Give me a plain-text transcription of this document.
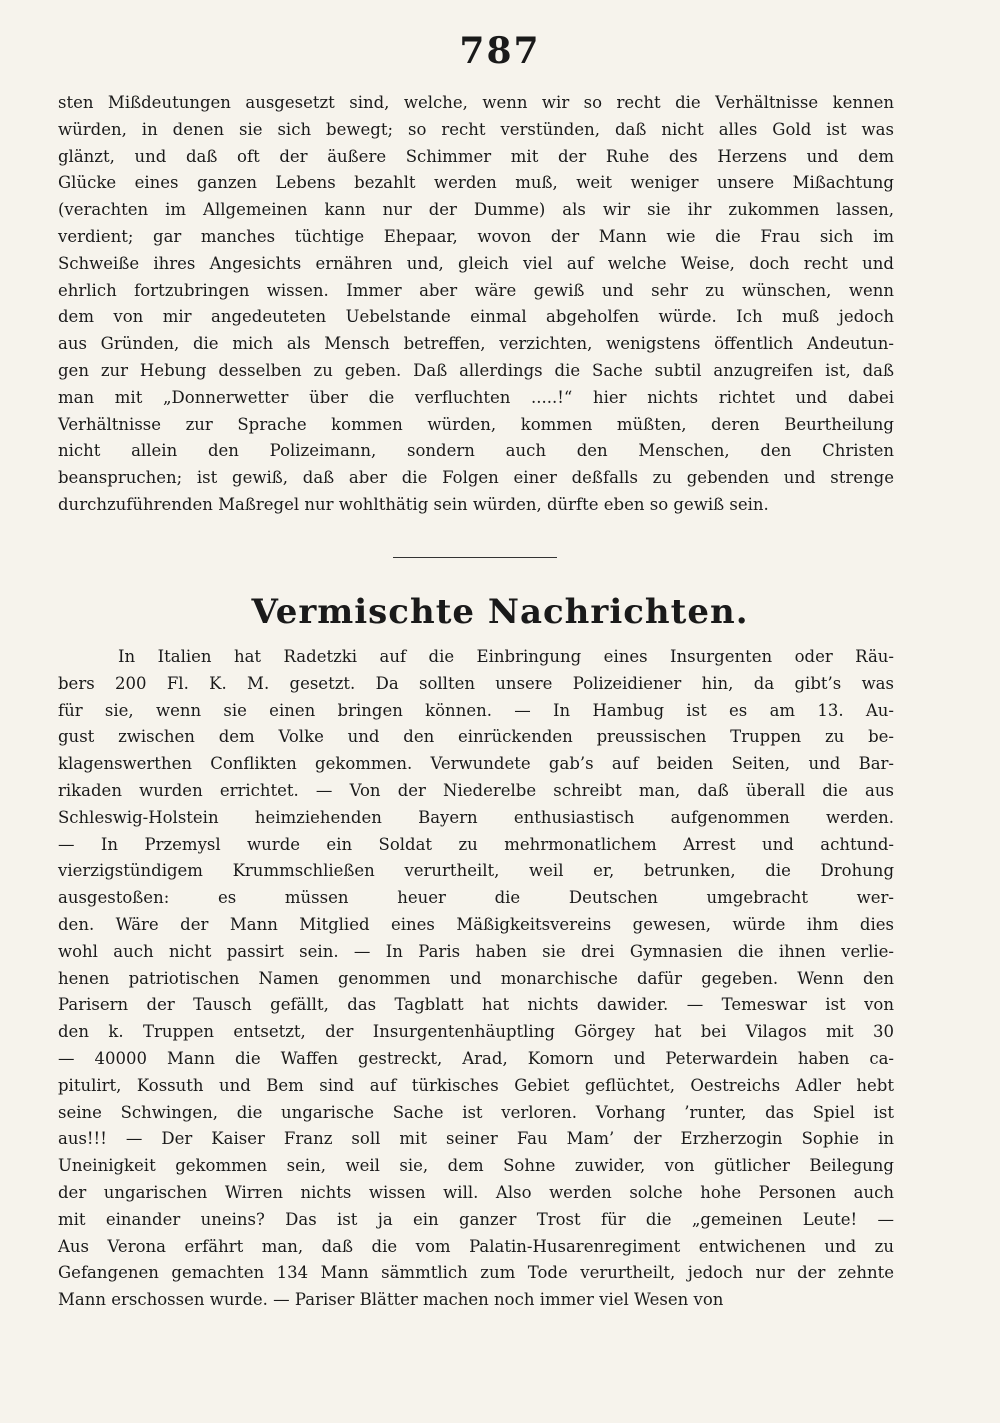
787
sten Mißdeutungen ausgesetzt sind, welche, wenn wir so recht die Verhältnisse kennen
würden, in denen sie sich bewegt; so recht verstünden, daß nicht alles Gold ist was
glänzt, und daß oft der äußere Schimmer mit der Ruhe des Herzens und dem
Glücke eines ganzen Lebens bezahlt werden muß, weit weniger unsere Mißachtung
(verachten im Allgemeinen kann nur der Dumme) als wir sie ihr zukommen lassen,
verdient; gar manches tüchtige Ehepaar, wovon der Mann wie die Frau sich im
Schweiße ihres Angesichts ernähren und, gleich viel auf welche Weise, doch recht und
ehrlich fortzubringen wissen. Immer aber wäre gewiß und sehr zu wünschen, wenn
dem von mir angedeuteten Uebelstande einmal abgeholfen würde. Ich muß jedoch
aus Gründen, die mich als Mensch betreffen, verzichten, wenigstens öffentlich Andeutun-
gen zur Hebung desselben zu geben. Daß allerdings die Sache subtil anzugreifen ist, daß
man mit „Donnerwetter über die verfluchten .....!“ hier nichts richtet und dabei
Verhältnisse zur Sprache kommen würden, kommen müßten, deren Beurtheilung
nicht allein den Polizeimann, sondern auch den Menschen, den Christen
beanspruchen; ist gewiß, daß aber die Folgen einer deßfalls zu gebenden und strenge
durchzuführenden Maßregel nur wohlthätig sein würden, dürfte eben so gewiß sein.
Vermischte Nachrichten.
In Italien hat Radetzki auf die Einbringung eines Insurgenten oder Räu-
bers 200 Fl. K. M. gesetzt. Da sollten unsere Polizeidiener hin, da gibt’s was
für sie, wenn sie einen bringen können. — In Hambug ist es am 13. Au-
gust zwischen dem Volke und den einrückenden preussischen Truppen zu be-
klagenswerthen Conflikten gekommen. Verwundete gab’s auf beiden Seiten, und Bar-
rikaden wurden errichtet. — Von der Niederelbe schreibt man, daß überall die aus
Schleswig-Holstein heimziehenden Bayern enthusiastisch aufgenommen werden.
— In Przemysl wurde ein Soldat zu mehrmonatlichem Arrest und achtund-
vierzigstündigem Krummschließen verurtheilt, weil er, betrunken, die Drohung
ausgestoßen: es müssen heuer die Deutschen umgebracht wer-
den. Wäre der Mann Mitglied eines Mäßigkeitsvereins gewesen, würde ihm dies
wohl auch nicht passirt sein. — In Paris haben sie drei Gymnasien die ihnen verlie-
henen patriotischen Namen genommen und monarchische dafür gegeben. Wenn den
Parisern der Tausch gefällt, das Tagblatt hat nichts dawider. — Temeswar ist von
den k. Truppen entsetzt, der Insurgentenhäuptling Görgey hat bei Vilagos mit 30
— 40000 Mann die Waffen gestreckt, Arad, Komorn und Peterwardein haben ca-
pitulirt, Kossuth und Bem sind auf türkisches Gebiet geflüchtet, Oestreichs Adler hebt
seine Schwingen, die ungarische Sache ist verloren. Vorhang ’runter, das Spiel ist
aus!!! — Der Kaiser Franz soll mit seiner Fau Mam’ der Erzherzogin Sophie in
Uneinigkeit gekommen sein, weil sie, dem Sohne zuwider, von gütlicher Beilegung
der ungarischen Wirren nichts wissen will. Also werden solche hohe Personen auch
mit einander uneins? Das ist ja ein ganzer Trost für die „gemeinen Leute! —
Aus Verona erfährt man, daß die vom Palatin-Husarenregiment entwichenen und zu
Gefangenen gemachten 134 Mann sämmtlich zum Tode verurtheilt, jedoch nur der zehnte
Mann erschossen wurde. — Pariser Blätter machen noch immer viel Wesen von
